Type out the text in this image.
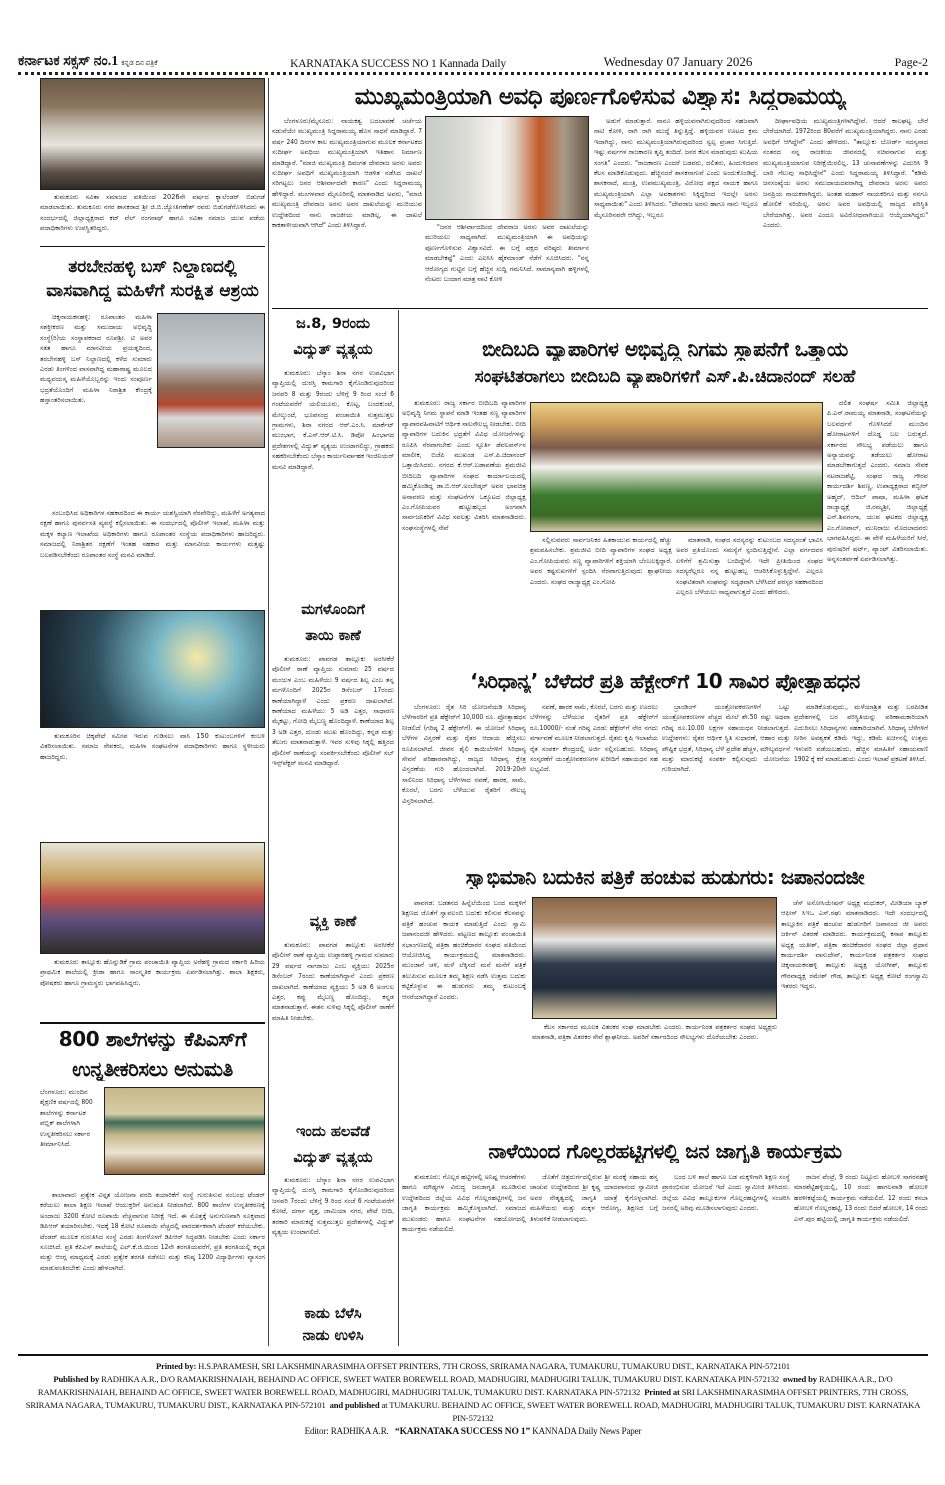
ಕರ್ನಾಟಕ ಸಕ್ಸಸ್ ನಂ.1 ಕನ್ನಡ ದಿನ ಪತ್ರಿಕೆ	KARNATAKA SUCCESS NO 1 Kannada Daily	Wednesday 07 January 2026	Page-2

ತುಮಕೂರು ಸವಿತಾ ಸಮಾಜದ ವತಿಯಿಂದ 2026ನೇ ವರ್ಷದ ಕ್ಯಾಲೆಂಡರ್ ಬಿಡುಗಡೆ ಮಾಡಲಾಯಿತು. ತುಮಕೂರು ನಗರ ಶಾಸಕರಾದ ಶ್ರೀ ಜಿ.ಬಿ.ಜ್ಯೋತಿಗಣೇಶ್ ರವರು ಬಿಡುಗಡೆಗೊಳಿಸಿದರು ಈ ಸಂದರ್ಭದಲ್ಲಿ ಜಿಲ್ಲಾಧ್ಯಕ್ಷರಾದ ಕಟ್ ವೆಲ್ ರಂಗನಾಥ್ ಹಾಗೂ ಸವಿತಾ ಸಮಾಜ ಯುವ ಪಡೆಯ ಪದಾಧಿಕಾರಿಗಳು ಉಪಸ್ಥಿತರಿದ್ದರು.

ತರಬೇನಹಳ್ಳಿ ಬಸ್ ನಿಲ್ದಾಣದಲ್ಲಿ
ವಾಸವಾಗಿದ್ದ ಮಹಿಳೆಗೆ ಸುರಕ್ಷಿತ ಆಶ್ರಯ

ಚಿಕ್ಕನಾಯಕನಹಳ್ಳಿ: ರೂಪಾಂತರ ಮಹಿಳಾ ಸಶಕ್ತೀಕರಣ ಮತ್ತು ಸಮುದಾಯ ಅಭಿವೃದ್ಧಿ ಸಂಸ್ಥೆ(ರಿ)ಯ ಸಂಸ್ಥಾಪಕರಾದ ರೂಪಶ್ರೀ. ಟಿ ಅವರ ಸತತ ಹಾಗೂ ಮಾನವೀಯ ಪ್ರಯತ್ನದಿಂದ, ತರಬೇನಹಳ್ಳಿ ಬಸ್ ನಿಲ್ದಾಣದಲ್ಲಿ ಕಳೆದ ಸುಮಾರು ಎರಡು ತಿಂಗಳಿಂದ ವಾಸವಾಗಿದ್ದ ಮಹಾರಾಷ್ಟ್ರ ಮೂಲದ ಮಧ್ಯವಯಸ್ಕ ಮಹಿಳೆಯೊಬ್ಬರನ್ನು ಇಂದು ಸಂಪೂರ್ಣ ಭದ್ರತೆಯೊಂದಿಗೆ ಮಹಿಳಾ ನಿರಾಶ್ರಿತ ಕೇಂದ್ರಕ್ಕೆ ಹಸ್ತಾಂತರಿಸಲಾಯಿತು.

ಸಂಬಂಧಿಸಿದ ಅಧಿಕಾರಿಗಳ ಸಹಕಾರದಿಂದ ಈ ಕಾರ್ಯ ಯಶಸ್ವಿಯಾಗಿ ನೆರವೇರಿದ್ದು, ಮಹಿಳೆಗೆ ಅಗತ್ಯವಾದ ರಕ್ಷಣೆ ಹಾಗೂ ಪುನರ್ವಸತಿ ವ್ಯವಸ್ಥೆ ಕಲ್ಪಿಸಲಾಯಿತು. ಈ ಸಂದರ್ಭದಲ್ಲಿ ಪೊಲೀಸ್ ಇಲಾಖೆ, ಮಹಿಳಾ ಮತ್ತು ಮಕ್ಕಳ ಕಲ್ಯಾಣ ಇಲಾಖೆಯ ಅಧಿಕಾರಿಗಳು ಹಾಗೂ ರೂಪಾಂತರ ಸಂಸ್ಥೆಯ ಪದಾಧಿಕಾರಿಗಳು ಹಾಜರಿದ್ದರು. ಸಮಾಜದಲ್ಲಿ ನಿರಾಶ್ರಿತರ ರಕ್ಷಣೆಗೆ ಇಂತಹ ಸಹಕಾರ ಮತ್ತು ಮಾನವೀಯ ಕಾರ್ಯಗಳು ಮತ್ತಷ್ಟು ಬಲಪಡಿಸಬೇಕೆಂದು ರೂಪಾಂತರ ಸಂಸ್ಥೆ ಮನವಿ ಮಾಡಿದೆ.

ತುಮಕೂರಿನ ಚಿಕ್ಕಪೇಟೆ ಸಮೀಪ ಇರುವ ಗುಡಿಸಲು ವಾಸಿ 150 ಕುಟುಂಬಗಳಿಗೆ ಕಂಬಳಿ ವಿತರಿಸಲಾಯಿತು. ಸಮಾಜ ಸೇವಕರು, ಮಹಿಳಾ ಸಂಘಟನೆಗಳ ಪದಾಧಿಕಾರಿಗಳು ಹಾಗೂ ಸ್ಥಳೀಯರು ಹಾಜರಿದ್ದರು.

ತುಮಕೂರು ತಾಲ್ಲೂಕು ಹೊನ್ನುಡಿಕೆ ಗ್ರಾಮ ಪಂಚಾಯಿತಿ ವ್ಯಾಪ್ತಿಯ ಅರೆಹಳ್ಳಿ ಗ್ರಾಮದ ಸರ್ಕಾರಿ ಹಿರಿಯ ಪ್ರಾಥಮಿಕ ಶಾಲೆಯಲ್ಲಿ ಕ್ರೀಡಾ ಹಾಗೂ ಸಾಂಸ್ಕೃತಿಕ ಕಾರ್ಯಕ್ರಮ ಏರ್ಪಡಿಸಲಾಗಿತ್ತು. ಶಾಲಾ ಶಿಕ್ಷಕರು, ಪೋಷಕರು ಹಾಗೂ ಗ್ರಾಮಸ್ಥರು ಭಾಗವಹಿಸಿದ್ದರು.

800 ಶಾಲೆಗಳನ್ನು ಕೆಪಿಎಸ್‌ಗೆ
ಉನ್ನತೀಕರಿಸಲು ಅನುಮತಿ

ಬೆಂಗಳೂರು: ಮುಂದಿನ ಶೈಕ್ಷಣಿಕ ವರ್ಷದಲ್ಲಿ 800 ಶಾಲೆಗಳನ್ನು ಕರ್ನಾಟಕ ಪಬ್ಲಿಕ್ ಶಾಲೆಗಳಾಗಿ ಉನ್ನತೀಕರಿಸಲು ಸರ್ಕಾರ ತೀರ್ಮಾನಿಸಿದೆ.

ಶಾಲಾವಾರು ಪ್ರತ್ಯೇಕ ವಿಸ್ತೃತ ಯೋಜನಾ ವರದಿ ತಯಾರಿಕೆಗೆ ಸಂಸ್ಥೆ ಗುರುತಿಸುವ ಸಂಬಂಧ ಟೆಂಡರ್ ಕರೆಯಲು ಶಾಲಾ ಶಿಕ್ಷಣ ಇಲಾಖೆ ಆಯುಕ್ತರಿಗೆ ಅನುಮತಿ ನೀಡಲಾಗಿದೆ. 800 ಶಾಲೆಗಳ ಉನ್ನತೀಕರಣಕ್ಕೆ ಅಂದಾಜು 3200 ಕೋಟಿ ರೂಪಾಯಿ ವೆಚ್ಚವಾಗುವ ನಿರೀಕ್ಷೆ ಇದೆ. ಈ ಮೊತ್ತಕ್ಕೆ ಅನುಗುಣವಾಗಿ ಸೂಕ್ತವಾದ ಡಿಪಿಆರ್ ತಯಾರಿಸಬೇಕು. ಇದಕ್ಕೆ 18 ಕೋಟಿ ರೂಪಾಯಿ ವೆಚ್ಚದಲ್ಲಿ ಪಾರದರ್ಶಕವಾಗಿ ಟೆಂಡರ್ ಕರೆಯಬೇಕು. ಟೆಂಡರ್ ಮೂಲಕ ಗುರುತಿಸಿದ ಸಂಸ್ಥೆ ಎರಡು ತಿಂಗಳೊಳಗೆ ಡಿಪಿಆರ್ ಸಿದ್ಧಪಡಿಸಿ ನೀಡಬೇಕು ಎಂದು ಸರ್ಕಾರ ಸೂಚಿಸಿದೆ. ಪ್ರತಿ ಕೆಪಿಎಸ್ ಶಾಲೆಯಲ್ಲಿ ಎಲ್.ಕೆ.ಜಿ.ಯಿಂದ 12ನೇ ತರಗತಿಯವರೆಗೆ, ಪ್ರತಿ ತರಗತಿಯಲ್ಲಿ ಕನ್ನಡ ಮತ್ತು ಆಂಗ್ಲ ಮಾಧ್ಯಮಕ್ಕೆ ಎರಡು ಪ್ರತ್ಯೇಕ ತರಗತಿ ನಡೆಸಲು ಮತ್ತು ಕನಿಷ್ಠ 1200 ವಿದ್ಯಾರ್ಥಿಗಳು ವ್ಯಾಸಂಗ ಮಾಡುವಂತಿರಬೇಕು ಎಂದು ಹೇಳಲಾಗಿದೆ.

ಮುಖ್ಯಮಂತ್ರಿಯಾಗಿ ಅವಧಿ ಪೂರ್ಣಗೊಳಿಸುವ ವಿಶ್ವಾಸ: ಸಿದ್ದರಾಮಯ್ಯ

ಬೆಂಗಳೂರು/ಮೈಸೂರು: ನಾಯಕತ್ವ ಬದಲಾವಣೆ ಚರ್ಚೆಯ ನಡುವೆಯೇ ಮುಖ್ಯಮಂತ್ರಿ ಸಿದ್ದರಾಮಯ್ಯ ಹೊಸ ಸಾಧನೆ ಮಾಡಿದ್ದಾರೆ. 7 ವರ್ಷ 240 ದಿನಗಳ ಕಾಲ ಮುಖ್ಯಮಂತ್ರಿಯಾಗುವ ಮೂಲಕ ಕರ್ನಾಟಕದ ಸುದೀರ್ಘ ಅವಧಿಯ ಮುಖ್ಯಮಂತ್ರಿಯಾಗಿ ಇತಿಹಾಸ ನಿರ್ಮಾಣ ಮಾಡಿದ್ದಾರೆ. "ಮಾಜಿ ಮುಖ್ಯಮಂತ್ರಿ ದಿವಂಗತ ದೇವರಾಜ ಅರಸು ಅವರು ಸುದೀರ್ಘ ಅವಧಿಗೆ ಮುಖ್ಯಮಂತ್ರಿಯಾಗಿ ಆಡಳಿತ ನಡೆಸಿದ ದಾಖಲೆ ಸರಿಗಟ್ಟಲು ಜನರ ಆಶೀರ್ವಾದವೇ ಕಾರಣ" ಎಂದು ಸಿದ್ದರಾಮಯ್ಯ ಹೇಳಿದ್ದಾರೆ. ಮಂಗಳವಾರ ಮೈಸೂರಿನಲ್ಲಿ ಮಾತನಾಡಿದ ಅವರು, "ಮಾಜಿ ಮುಖ್ಯಮಂತ್ರಿ ದೇವರಾಜ ಅರಸು ಅವರ ದಾಖಲೆಯನ್ನು ಮುರಿಯುವ ಉದ್ದೇಶದಿಂದ ನಾನು ರಾಜಕೀಯ ಮಾಡಿಲ್ಲ. ಈ ದಾಖಲೆ ಕಾಕತಾಳೀಯವಾಗಿ ಆಗಿದೆ" ಎಂದು ತಿಳಿಸಿದ್ದಾರೆ.	"ಜನರ ಆಶೀರ್ವಾದದಿಂದ ದೇವರಾಜ ಅರಸು ಅವರ ದಾಖಲೆಯನ್ನು ಮುರಿಯಲು ಸಾಧ್ಯವಾಗಿದೆ. ಮುಖ್ಯಮಂತ್ರಿಯಾಗಿ ಈ ಅವಧಿಯನ್ನು ಪೂರ್ಣಗೊಳಿಸುವ ವಿಶ್ವಾಸವಿದೆ. ಈ ಬಗ್ಗೆ ಪಕ್ಷದ ವರಿಷ್ಠರು ತೀರ್ಮಾನ ಮಾಡಬೇಕಷ್ಟೆ" ಎಂದು ಎಐಸಿಸಿ ಹೈಕಮಾಂಡ್ ನೆಡೆಗೆ ಸೂಚಿಸಿದರು. "ನನ್ನ ಆರೋಗ್ಯದ ಗುಟ್ಟಿನ ಬಗ್ಗೆ ಹೆಚ್ಚಿನ ಸುದ್ದಿ ಗಮನಿಸಿದೆ. ಸಾಮಾನ್ಯವಾಗಿ ಹಳ್ಳಿಗಳಲ್ಲಿ ನೆಂಟರು ಬಂದಾಗ ಮಾತ್ರ ನಾಟಿ ಕೋಳಿ

ಅಡುಗೆ ಮಾಡುತ್ತಾರೆ. ನಾನೂ ಹಳ್ಳಿಯವನಾಗಿರುವುದರಿಂದ ಸಹಜವಾಗಿ ನಾಟಿ ಕೋಳಿ, ರಾಗಿ ರಾಗಿ ಮುದ್ದೆ ತಿನ್ನುತ್ತಿದ್ದೆ. ಹಳ್ಳಿಯವರ ಊಟದ ಕ್ರಮ ಇದಾಗಿದ್ದು, ನಾನು ಮುಖ್ಯಮಂತ್ರಿಯಾಗಿರುವುದರಿಂದ ಸ್ವಲ್ಪ ಪ್ರಚಾರ ಸಿಗುತ್ತಿದೆ. ಇಷ್ಟು ವರ್ಷಗಳ ರಾಜಕಾರಣ ತೃಪ್ತಿ ತಂದಿದೆ. ಜನರ ಕೆಲಸ ಮಾಡುವುದು ಖುಷಿಯ ಸಂಗತಿ" ಎಂದರು. "ರಾಜಕಾರಣ ಎಂದರೆ ಬಡವರು, ದಲಿತರು, ಹಿಂದುಳಿದವರ ಕೆಲಸ ಮಾಡಿಕೊಡುವುದು. ಹೆಚ್ಚಿನದರೆ ಶಾಸಕನಾಗುವೆ ಎಂದು ಅಂದುಕೊಂಡಿದ್ದೆ. ಶಾಸಕನಾದೆ, ಮಂತ್ರಿ, ಉಪಮುಖ್ಯಮಂತ್ರಿ, ವಿರೋಧ ಪಕ್ಷದ ನಾಯಕ ಹಾಗೂ ಮುಖ್ಯಮಂತ್ರಿಯಾಗಿ ಎಲ್ಲಾ ಅವಕಾಶಗಳು ಸಿಕ್ಕಿದ್ದರಿಂದ ಇದಲ್ಲೇ ಅರಸು ಸಾಧ್ಯವಾಯಿತು" ಎಂದು ತಿಳಿಸಿದರು. "ದೇವರಾಜ ಅರಸು ಹಾಗೂ ನಾನು ಇಬ್ಬರೂ ಮೈಸೂರಿನವರೇ ಆಗಿದ್ದು, ಇಬ್ಬರೂ

ದೀರ್ಘಾವಧಿಯ ಮುಖ್ಯಮಂತ್ರಿಗಳಾಗಿದ್ದೇವೆ. ಆದರೆ ಕಾಲಘಟ್ಟ ಬೇರೆ ಬೇರೆಯಾಗಿದೆ. 1972ರಿಂದ 80ವರೆಗೆ ಮುಖ್ಯಮಂತ್ರಿಯಾಗಿದ್ದರು. ನಾನು ಎರಡು ಅವಧಿಗೆ ಆಗಿದ್ದೇನೆ" ಎಂದು ಹೇಳಿದರು. "ತಾಲ್ಲೂಕು ಬೋರ್ಡ್ ಸದಸ್ಯನಾದ ನಂತರದ ನನ್ನ ರಾಜಕೀಯ ಜೀವನದಲ್ಲಿ ಸಚಿವನಾಗುವ ಮತ್ತು ಮುಖ್ಯಮಂತ್ರಿಯಾಗುವ ನಿರೀಕ್ಷೆಯಿರಲಿಲ್ಲ. 13 ಚುನಾವಣೆಗಳನ್ನು ಎದುರಿಸಿ 9 ಬಾರಿ ಗೆಲುವು ಸಾಧಿಸಿದ್ದೇನೆ" ಎಂದು ಸಿದ್ದರಾಮಯ್ಯ ತಿಳಿಸಿದ್ದಾರೆ. "ಕಡಿಮೆ ಜನಸಂಖ್ಯೆಯ ಅರಸು ಸಮುದಾಯದವರಾಗಿದ್ದ ದೇವರಾಜ ಅರಸು ಅವರು ಜನಪ್ರಿಯ ನಾಯಕರಾಗಿದ್ದರು. ಅಂತಹ ಮಹಾನ್ ನಾಯಕರಿಗೂ ಮತ್ತು ನನಗೂ ಹೋಲಿಕೆ ಸರಿಯಿಲ್ಲ. ಅರಸು ಅವರ ಅವಧಿಯಲ್ಲಿ ರಾಜ್ಯದ ಪರಿಸ್ಥಿತಿ ಬೇರೆಯಾಗಿತ್ತು. ಅವರ ಎಂದೂ ಅವಿರೋಧವಾಗಿಯೂ ಆಯ್ಕೆಯಾಗಿದ್ದರು" ಎಂದರು.

ಜ.8, 9ರಂದು
ವಿದ್ಯುತ್ ವ್ಯತ್ಯಯ

ತುಮಕೂರು: ಬೆಸ್ಕಾಂ ಶಿರಾ ನಗರ ಉಪವಿಭಾಗ ವ್ಯಾಪ್ತಿಯಲ್ಲಿ ದುರಸ್ತಿ ಕಾಮಗಾರಿ ಕೈಗೊಂಡಿರುವುದರಿಂದ ಜನವರಿ 8 ಮತ್ತು 9ರಂದು ಬೆಳಿಗ್ಗೆ 9 ರಿಂದ ಸಂಜೆ 6 ಗಂಟೆಯವರೆಗೆ ಯಲಿಯೂರು, ಕೊಟ್ಟ, ಬಂದಕುಂಟೆ, ಮೇಲ್ಕುಂಟೆ, ಭೂಪಸಂದ್ರ ಪಂಚಾಯಿತಿ ಸುತ್ತಮುತ್ತಲ ಗ್ರಾಮಗಳು, ಶಿರಾ ನಗರದ ಆರ್.ಎಂ.ಸಿ. ಮಾರ್ಕೆಟ್ ಮುಂಭಾಗ, ಕೆ.ಎಸ್.ಆರ್.ಟಿ.ಸಿ. ಡಿಪೋ ಹಿಂಭಾಗದ ಪ್ರದೇಶಗಳಲ್ಲಿ ವಿದ್ಯುತ್ ವ್ಯತ್ಯಯ ಉಂಟಾಗಲಿದ್ದು, ಗ್ರಾಹಕರು ಸಹಕರಿಸಬೇಕೆಂದು ಬೆಸ್ಕಾಂ ಕಾರ್ಯನಿರ್ವಾಹಕ ಇಂಜಿನಿಯರ್ ಮನವಿ ಮಾಡಿದ್ದಾರೆ.

ಮಗಳೊಂದಿಗೆ
ತಾಯಿ ಕಾಣೆ

ತುಮಕೂರು: ಪಾವಗಡ ತಾಲ್ಲೂಕು ಅರಸೀಕೆರೆ ಪೊಲೀಸ್ ಠಾಣೆ ವ್ಯಾಪ್ತಿಯ ಸುಮಾರು 25 ವರ್ಷದ ಮಂಜುಳ ಎಂಬ ಮಹಿಳೆಯು 9 ವರ್ಷದ ಶಿಲ್ಪ ಎಂಬ ತನ್ನ ಮಗಳೊಂದಿಗೆ 2025ರ ಡಿಸೆಂಬರ್ 17ರಂದು ಕಾಣೆಯಾಗಿದ್ದಾಳೆ ಎಂದು ಪ್ರಕರಣ ದಾಖಲಾಗಿದೆ. ಕಾಣೆಯಾದ ಮಹಿಳೆಯು 5 ಅಡಿ ಎತ್ತರ, ಸಾಧಾರಣ ಮೈಕಟ್ಟು, ಗೋಧಿ ಮೈಬಣ್ಣ ಹೊಂದಿದ್ದಾಳೆ. ಕಾಣೆಯಾದ ಶಿಲ್ಪ 3 ಅಡಿ ಎತ್ತರ, ದುಂಡು ಮುಖ ಹೊಂದಿದ್ದು, ಕನ್ನಡ ಮತ್ತು ತೆಲುಗು ಮಾತನಾಡುತ್ತಾಳೆ. ಇವರ ಸುಳಿವು ಸಿಕ್ಕಲ್ಲಿ ಹತ್ತಿರದ ಪೊಲೀಸ್ ಠಾಣೆಯನ್ನು ಸಂಪರ್ಕಿಸಬೇಕೆಂದು ಪೊಲೀಸ್ ಸಬ್ ಇನ್ಸ್‌ಪೆಕ್ಟರ್ ಮನವಿ ಮಾಡಿದ್ದಾರೆ.

ವ್ಯಕ್ತಿ ಕಾಣೆ

ತುಮಕೂರು: ಪಾವಗಡ ತಾಲ್ಲೂಕು ಅರಸೀಕೆರೆ ಪೊಲೀಸ್ ಠಾಣೆ ವ್ಯಾಪ್ತಿಯ ಉಪ್ಪಾರಹಳ್ಳಿ ಗ್ರಾಮದ ಸುಮಾರು 29 ವರ್ಷದ ನಾಗರಾಜು ಎಂಬ ವ್ಯಕ್ತಿಯು 2025ರ ಡಿಸೆಂಬರ್ 7ರಂದು ಕಾಣೆಯಾಗಿದ್ದಾನೆ ಎಂದು ಪ್ರಕರಣ ದಾಖಲಾಗಿದೆ. ಕಾಣೆಯಾದ ವ್ಯಕ್ತಿಯು 5 ಅಡಿ 6 ಅಂಗುಲ ಎತ್ತರ, ಕಪ್ಪು ಮೈಬಣ್ಣ ಹೊಂದಿದ್ದು, ಕನ್ನಡ ಮಾತನಾಡುತ್ತಾನೆ. ಈತನ ಸುಳಿವು ಸಿಕ್ಕಲ್ಲಿ ಪೊಲೀಸ್ ಠಾಣೆಗೆ ಮಾಹಿತಿ ನೀಡಬೇಕು.

ಇಂದು ಹಲವೆಡೆ
ವಿದ್ಯುತ್ ವ್ಯತ್ಯಯ

ತುಮಕೂರು: ಬೆಸ್ಕಾಂ ಶಿರಾ ನಗರ ಉಪವಿಭಾಗ ವ್ಯಾಪ್ತಿಯಲ್ಲಿ ದುರಸ್ತಿ ಕಾಮಗಾರಿ ಕೈಗೊಂಡಿರುವುದರಿಂದ ಜನವರಿ 7ರಂದು ಬೆಳಿಗ್ಗೆ 9 ರಿಂದ ಸಂಜೆ 6 ಗಂಟೆಯವರೆಗೆ ಕೋಟೆ, ದರ್ಗಾ ವೃತ್ತ, ಜಾಮಿಯಾ ನಗರ, ಪೇಟೆ ಬೀದಿ, ತರಕಾರಿ ಮಾರುಕಟ್ಟೆ ಸುತ್ತಮುತ್ತಲ ಪ್ರದೇಶಗಳಲ್ಲಿ ವಿದ್ಯುತ್ ವ್ಯತ್ಯಯ ಉಂಟಾಗಲಿದೆ.

ಕಾಡು ಬೆಳೆಸಿ
ನಾಡು ಉಳಿಸಿ
ಬೀದಿಬದಿ ವ್ಯಾಪಾರಿಗಳ ಅಭಿವೃದ್ಧಿ ನಿಗಮ ಸ್ಥಾಪನೆಗೆ ಒತ್ತಾಯ
ಸಂಘಟಿತರಾಗಲು ಬೀದಿಬದಿ ವ್ಯಾಪಾರಿಗಳಿಗೆ ಎಸ್.ಪಿ.ಚಿದಾನಂದ್ ಸಲಹೆ

ತುಮಕೂರು: ರಾಜ್ಯ ಸರ್ಕಾರ ಬೀದಿಬದಿ ವ್ಯಾಪಾರಿಗಳ ಅಭಿವೃದ್ಧಿ ನಿಗಮ ಸ್ಥಾಪನೆ ಮಾಡಿ ಇಂತಹ ಸಣ್ಣ ವ್ಯಾಪಾರಿಗಳ ವ್ಯಾಪಾರವಹಿವಾಟಿಗೆ ಆರ್ಥಿಕ ಸಾಲಸೌಲಭ್ಯ ನೀಡಬೇಕು. ಬೀದಿ ವ್ಯಾಪಾರಿಗಳ ಬದುಕಿನ ಭದ್ರತೆಗೆ ವಿವಿಧ ಯೋಜನೆಗಳನ್ನು ರೂಪಿಸಿ ನೆರವಾಗಬೇಕು ಎಂದು ಸ್ಫೂರ್ತಿ ಡೆವಲಪರ್ಸ್‌ನ ಮಾಲೀಕ, ಬಿಜೆಪಿ ಮುಖಂಡ ಎಸ್.ಪಿ.ಚಿದಾನಂದ್ ಒತ್ತಾಯಿಸಿದರು. ನಗರದ ಕೆ.ಆರ್.ಬಡಾವಣೆಯ ಶ್ರಮಜೀವಿ ಬೀದಿಬದಿ ವ್ಯಾಪಾರಿಗಳ ಸಂಘದ ಕಾರ್ಯಾಲಯದಲ್ಲಿ ಹಮ್ಮಿಕೊಂಡಿದ್ದ ಡಾ.ಬಿ.ಆರ್.ಅಂಬೇಡ್ಕರ್ ಅವರ ಭಾವಚಿತ್ರ ಅನಾವರಣ ಮತ್ತು ಸಂಘಟನೆಗಳ ಒಕ್ಕೂಟದ ಜಿಲ್ಲಾಧ್ಯಕ್ಷ ಎಂ.ಗೋಪಿಯವರ ಹುಟ್ಟುಹಬ್ಬದ ಅಂಗವಾಗಿ ಸಾರ್ವಜನಿಕರಿಗೆ ವಿವಿಧ ಸವಲತ್ತು ವಿತರಿಸಿ ಮಾತನಾಡಿದರು. ಸಂಘಸಂಸ್ಥೆಗಳಲ್ಲಿ ಸೇವೆ

ಸಲ್ಲಿಸುವವರು ಸಾರ್ವಜನಿಕರ ಹಿತಕಾಯುವ ಕಾರ್ಯದಲ್ಲಿ ಹೆಚ್ಚು ಶ್ರಮವಹಿಸಬೇಕು. ಶ್ರಮಜೀವಿ ಬೀದಿ ವ್ಯಾಪಾರಿಗಳ ಸಂಘದ ಅಧ್ಯಕ್ಷ ಎಂ.ಗೋಪಿಯವರು ಸಣ್ಣ ವ್ಯಾಪಾರಿಗಳಿಗೆ ಶಕ್ತಿಯಾಗಿ ಬೆಂಬಲಕ್ಕಿದ್ದಾರೆ. ಅವರ ಕಷ್ಟಸುಖಗಳಿಗೆ ಸ್ಪಂದಿಸಿ ನೆರವಾಗುತ್ತಿರುವುದು ಶ್ಲಾಘನೀಯ ಎಂದರು. ಸಂಘದ ರಾಜ್ಯಾಧ್ಯಕ್ಷ ಎಂ.ಗೋಪಿ

ಮಾತನಾಡಿ, ಸಂಘದ ಸದಸ್ಯರನ್ನು ಕುಟುಂಬದ ಸದಸ್ಯರಂತೆ ಭಾವಿಸಿ ಅವರ ಪ್ರತಿಯೊಂದು ಸಮಸ್ಯೆಗೆ ಸ್ಪಂದಿಸುತ್ತಿದ್ದೇನೆ. ಎಲ್ಲಾ ವರ್ಗದವರ ಏಳಿಗೆಗೆ ಶ್ರಮಿಸುತ್ತಾ ಬಂದಿದ್ದೇನೆ. ಇದೇ ಪ್ರೀತಿಯಿಂದ ಸಂಘದ ಸದಸ್ಯರೆಲ್ಲರೂ ನನ್ನ ಹುಟ್ಟುಹಬ್ಬ ಆಚರಿಸಿಕೊಳ್ಳುತ್ತಿದ್ದೇನೆ. ಎಲ್ಲರೂ ಸಂಘಟಿತರಾಗಿ ಸಂಘವನ್ನು ಸದೃಢವಾಗಿ ಬೆಳೆಸಿದರೆ ಪರಸ್ಪರ ಸಹಕಾರದಿಂದ ಎಲ್ಲರೂ ಬೆಳೆಯಲು ಸಾಧ್ಯವಾಗುತ್ತದೆ ಎಂದು ಹೇಳಿದರು.

ದಲಿತ ಸಂಘರ್ಷ ಸಮಿತಿ ಜಿಲ್ಲಾಧ್ಯಕ್ಷ ಪಿ.ಎನ್.ರಾಮಯ್ಯ ಮಾತನಾಡಿ, ಸಂಘಟನೆಯನ್ನು ಬಲವರ್ಧನೆ ಗೊಳಿಸಿದರೆ ಮುಂದಿನ ಹೋರಾಟಗಳಿಗೆ ದೊಡ್ಡ ಬಲ ಬರುತ್ತದೆ. ಸರ್ಕಾರದ ಸೌಲಭ್ಯ ಪಡೆಯಲು ಹಾಗೂ ಅನ್ಯಾಯವನ್ನು ತಡೆಯಲು ಹೋರಾಟ ಮಾಡಬೇಕಾಗುತ್ತದೆ ಎಂದರು. ಸಮಾಜ ಸೇವಕ ನಟರಾಜಶೆಟ್ಟಿ, ಸಂಘದ ರಾಜ್ಯ ಗೌರವ ಕಾರ್ಯದರ್ಶಿ ಶಿವಣ್ಣ, ಉಪಾಧ್ಯಕ್ಷರಾದ ಶಬ್ಬೀರ್ ಅಹ್ಮದ್, ಆದಿಲ್ ಪಾಷಾ, ಮಹಿಳಾ ಘಟಕ ರಾಜ್ಯಾಧ್ಯಕ್ಷೆ ಜಿ.ರಮ್ಯಶ್ರೀ, ಜಿಲ್ಲಾಧ್ಯಕ್ಷೆ ಎನ್.ಶಿವಗಂಗಾ, ಯುವ ಘಟಕದ ಜಿಲ್ಲಾಧ್ಯಕ್ಷ ಎಂ.ಗೋಪಾಲ್, ಮುನಿರಾಜು ಮೊದಲಾದವರು ಭಾಗವಹಿಸಿದ್ದರು. ಈ ವೇಳೆ ಮಹಿಳೆಯರಿಗೆ ಸೀರೆ, ಪುರುಷರಿಗೆ ಷರ್ಟ್, ಪ್ಯಾಂಟ್ ವಿತರಿಸಲಾಯಿತು. ಅನ್ನಸಂತರ್ಪಣೆ ಏರ್ಪಡಿಸಲಾಗಿತ್ತು.

‘ಸಿರಿಧಾನ್ಯ’ ಬೆಳೆದರೆ ಪ್ರತಿ ಹೆಕ್ಟೇರ್‌ಗೆ 10 ಸಾವಿರ ಪ್ರೋತ್ಸಾಹಧನ

ಬೆಂಗಳೂರು: ರೈತ ಸಿರಿ ಯೋಜನೆಯಡಿ ಸಿರಿಧಾನ್ಯ ಬೆಳೆಗಾರರಿಗೆ ಪ್ರತಿ ಹೆಕ್ಟೇರ್‌ಗೆ 10,000 ರೂ. ಪ್ರೋತ್ಸಾಹಧನ ನೀಡಲಿದೆ (ಗರಿಷ್ಠ 2 ಹೆಕ್ಟೇರ್‌ಗೆ). ಈ ಯೋಜನೆ ಸಿರಿಧಾನ್ಯ ಬೆಳೆಗಳ ವಿಸ್ತರಣೆ ಮತ್ತು ರೈತರ ಆದಾಯ ಹೆಚ್ಚಿಸಲು ರೂಪಿಸಲಾಗಿದೆ. ಜೀವನ ಶೈಲಿ ಕಾಯಿಲೆಗಳಿಗೆ ಸಿರಿಧಾನ್ಯ ಸೇವನೆ ಪರಿಹಾರವಾಗಿದ್ದು, ರಾಜ್ಯದ ಸಿರಿಧಾನ್ಯ ಕ್ಷೇತ್ರ ವಿಸ್ತರಣೆಯ ಗುರಿ ಹೊಂದಲಾಗಿದೆ. 2019-20ನೇ ಸಾಲಿನಿಂದ ಸಿರಿಧಾನ್ಯ ಬೆಳೆಗಳಾದ ನವಣೆ, ಹಾರಕ, ಸಾಮೆ, ಕೊರಲೆ, ಬರಗು ಬೆಳೆಯುವ ರೈತರಿಗೆ ಸೌಲಭ್ಯ ವಿಸ್ತರಿಸಲಾಗಿದೆ.

ನವಣೆ, ಹಾರಕ ಸಾಮೆ, ಕೊರಲೆ, ಬರಗು ಮತ್ತು ಊದಲು ಬೆಳೆಗಳನ್ನು ಬೆಳೆಯುವ ರೈತರಿಗೆ ಪ್ರತಿ ಹೆಕ್ಟೇರ್‌ಗೆ ರೂ.10000/- ನಂತೆ ಗರಿಷ್ಠ ಎರಡು ಹೆಕ್ಟೇರ್‌ಗೆ ನೇರ ನಗದು ವರ್ಗಾವಣೆ ಮೂಲಕ ನೀಡಲಾಗುತ್ತದೆ. ರೈತರು ಕೃಷಿ ಇಲಾಖೆಯ ರೈತ ಸಂಪರ್ಕ ಕೇಂದ್ರದಲ್ಲಿ ಅರ್ಜಿ ಸಲ್ಲಿಸಬಹುದು. ಸಿರಿಧಾನ್ಯ ಸಂಸ್ಕರಣೆಗೆ ಯಂತ್ರೋಪಕರಣಗಳ ಖರೀದಿಗೆ ಸಹಾಯಧನ ಸಹ ಲಭ್ಯವಿದೆ.

ಬ್ರಾಂಡಿಂಗ್ ಯಂತ್ರೋಪಕರಣಗಳಿಗೆ ಒಟ್ಟು ಯಂತ್ರೋಪಕರಣಗಳ ವೆಚ್ಚದ ಮೇಲೆ ಶೇ.50 ರಷ್ಟು ಅಥವಾ ಗರಿಷ್ಠ ರೂ.10.00 ಲಕ್ಷಗಳ ಸಹಾಯಧನ ನೀಡಲಾಗುತ್ತದೆ. ಉದ್ದೇಶಗಳು: ರೈತರ ಆರ್ಥಿಕ ಸ್ಥಿತಿ ಸುಧಾರಣೆ, ಆಹಾರ ಮತ್ತು ಪೌಷ್ಟಿಕ ಭದ್ರತೆ, ಸಿರಿಧಾನ್ಯ ಬೆಳೆ ಪ್ರದೇಶ ಹೆಚ್ಚಳ, ಮೌಲ್ಯವರ್ಧನೆ ಮತ್ತು ಮಾರುಕಟ್ಟೆ ಸಂಪರ್ಕ ಕಲ್ಪಿಸುವುದು ಯೋಜನೆಯ ಗುರಿಯಾಗಿದೆ.

ಮಾಡಿಕೊಡುವುದು., ಮಳೆಯಾಶ್ರಿತ ಮತ್ತು ಬರಪೀಡಿತ ಪ್ರದೇಶಗಳಲ್ಲಿ ಬರ ಪರಿಸ್ಥಿತಿಯನ್ನು ಪರಿಣಾಮಕಾರಿಯಾಗಿ ಎದುರಿಸಲು ಸಿರಿಧಾನ್ಯಗಳು ಸಹಕಾರಿಯಾಗಿವೆ. ಸಿರಿಧಾನ್ಯ ಬೆಳೆಗಳಿಗೆ ನೀರಿನ ಅವಶ್ಯಕತೆ ಕಡಿಮೆ ಇದ್ದು, ಕಡಿಮೆ ಖರ್ಚಿನಲ್ಲಿ ಉತ್ತಮ ಇಳುವರಿ ಪಡೆಯಬಹುದು. ಹೆಚ್ಚಿನ ಮಾಹಿತಿಗೆ ಸಹಾಯವಾಣಿ 1902 ಕ್ಕೆ ಕರೆ ಮಾಡಬಹುದು ಎಂದು ಇಲಾಖೆ ಪ್ರಕಟಣೆ ತಿಳಿಸಿದೆ.

ಸ್ವಾಭಿಮಾನಿ ಬದುಕಿನ ಪತ್ರಿಕೆ ಹಂಚುವ ಹುಡುಗರು: ಜಪಾನಂದಜೀ

ಪಾವಗಡ: ಬಡತನದ ಹಿನ್ನೆಲೆಯಿಂದ ಬಂದ ಮಕ್ಕಳಿಗೆ ಶಿಕ್ಷಣದ ಜೊತೆಗೆ ಸ್ವಾವಲಂಬಿ ಬದುಕು ಕಲಿಸುವ ಕೆಲಸವನ್ನು ಪತ್ರಿಕೆ ಹಂಚುವ ಕಾಯಕ ಮಾಡುತ್ತಿದೆ ಎಂದು ಸ್ವಾಮಿ ಜಪಾನಂದಜೀ ಹೇಳಿದರು. ಪಟ್ಟಣದ ತಾಲ್ಲೂಕು ಪಂಚಾಯಿತಿ ಸಭಾಂಗಣದಲ್ಲಿ ಪತ್ರಿಕಾ ಹಂಚಿಕೆದಾರರ ಸಂಘದ ವತಿಯಿಂದ ಆಯೋಜಿಸಿದ್ದ ಕಾರ್ಯಕ್ರಮದಲ್ಲಿ ಮಾತನಾಡಿದರು. ಮುಂಜಾನೆ ಚಳಿ, ಮಳೆ ಲೆಕ್ಕಿಸದೆ ಮನೆ ಮನೆಗೆ ಪತ್ರಿಕೆ ತಲುಪಿಸುವ ಮೂಲಕ ತಮ್ಮ ಶಿಕ್ಷಣ ನಡೆಸಿ ಉತ್ತಮ ಬದುಕು ಕಟ್ಟಿಕೊಳ್ಳುವ ಈ ಹುಡುಗರು ತಮ್ಮ ಕುಟುಂಬಕ್ಕೆ ಆಸರೆಯಾಗಿದ್ದಾರೆ ಎಂದರು.

ಕೆಲಸ ಸರ್ಕಾರದ ಮೂಲಕ ವಿತರಕರ ಸಂಘ ಮಾಡಬೇಕು ಎಂದರು. ಕಾರ್ಯನಿರತ ಪತ್ರಕರ್ತರ ಸಂಘದ ಅಧ್ಯಕ್ಷರು ಮಾತನಾಡಿ, ಪತ್ರಿಕಾ ವಿತರಕರ ಸೇವೆ ಶ್ಲಾಘನೀಯ. ಅವರಿಗೆ ಸರ್ಕಾರದಿಂದ ಸೌಲಭ್ಯಗಳು ದೊರೆಯಬೇಕು ಎಂದರು.

ಚೆಸ್ ಅಸೋಸಿಯೇಷನ್ ಅಧ್ಯಕ್ಷ ಮಧುಕರ್, ಮೀಡಿಯಾ ಬ್ಯಾಕ್ ಆಫೀಸ್ ಸಿಇಒ ಎಸ್.ರಘು ಮಾತನಾಡಿದರು. ಇದೇ ಸಂದರ್ಭದಲ್ಲಿ ತಾಲ್ಲೂಕಿನ ಪತ್ರಿಕೆ ಹಂಚುವ ಹುಡುಗರಿಗೆ ಜಪಾನಂದ ಜೀ ಅವರು ಜರ್ಕಿನ್ ವಿತರಣೆ ಮಾಡಿದರು. ಕಾರ್ಯಕ್ರಮದಲ್ಲಿ ಕಸಾಪ ತಾಲ್ಲೂಕು ಅಧ್ಯಕ್ಷ ಯತೀಶ್, ಪತ್ರಿಕಾ ಹಂಚಿಕೆದಾರರ ಸಂಘದ ಜಿಲ್ಲಾ ಪ್ರಧಾನ ಕಾರ್ಯದರ್ಶಿ ವಾಸುದೇವ್, ಕಾರ್ಯನಿರತ ಪತ್ರಕರ್ತರ ಸಂಘದ ಚಿಕ್ಕನಾಯಕನಹಳ್ಳಿ ತಾಲ್ಲೂಕು ಅಧ್ಯಕ್ಷ ಯೋಗೀಶ್, ತಾಲ್ಲೂಕು ಗೌರವಾಧ್ಯಕ್ಷ ರಮೇಶ್ ಗೌಡ, ತಾಲ್ಲೂಕು ಅಧ್ಯಕ್ಷ ಕೋಟೆ ರಂಗಸ್ವಾಮಿ ಇತರರು ಇದ್ದರು.

ನಾಳೆಯಿಂದ ಗೊಲ್ಲರಹಟ್ಟಿಗಳಲ್ಲಿ ಜನ ಜಾಗೃತಿ ಕಾರ್ಯಕ್ರಮ

ತುಮಕೂರು: ಗೊಲ್ಲರ ಹಟ್ಟಿಗಳಲ್ಲಿ ಅನಿಷ್ಟ ಆಚರಣೆಗಳು ಹಾಗೂ ಮೌಢ್ಯಗಳ ವಿರುದ್ಧ ಜನಜಾಗೃತಿ ಮೂಡಿಸುವ ಉದ್ದೇಶದಿಂದ ಜಿಲ್ಲೆಯ ವಿವಿಧ ಗೊಲ್ಲರಹಟ್ಟಿಗಳಲ್ಲಿ ಜನ ಜಾಗೃತಿ ಕಾರ್ಯಕ್ರಮ ಹಮ್ಮಿಕೊಳ್ಳಲಾಗಿದೆ. ಸಮಾಜದ ಮುಖಂಡರು ಹಾಗೂ ಸಂಘಟನೆಗಳ ಸಹಯೋಗದಲ್ಲಿ ಕಾರ್ಯಕ್ರಮ ನಡೆಯಲಿದೆ.

ಜೊತೆಗೆ ಚಿತ್ರದುರ್ಗದಲ್ಲಿರುವ ಶ್ರೀ ಮಠಕ್ಕೆ ಸಹಾಯ ಹಸ್ತ ಚಾಚುವ ಉದ್ದೇಶದಿಂದ ಶ್ರೀ ಕೃಷ್ಣ ಯಾದವಾನಂದ ಸ್ವಾಮೀಜಿ ಅವರ ನೇತೃತ್ವದಲ್ಲಿ ಜಾಗೃತಿ ಯಾತ್ರೆ ಕೈಗೊಳ್ಳಲಾಗಿದೆ. ಮಹಿಳೆಯರು ಮತ್ತು ಮಕ್ಕಳ ಆರೋಗ್ಯ, ಶಿಕ್ಷಣದ ಬಗ್ಗೆ ತಿಳುವಳಿಕೆ ನೀಡಲಾಗುವುದು.

ಬಂದ ಬಳಿ ಶಾಲೆ ಹಾಗೂ ಬಡ ಮಕ್ಕಳಿಗಾಗಿ ಶಿಕ್ಷಣ ಸಂಸ್ಥೆ ಪ್ರಾರಂಭಿಸುವ ಯೋಜನೆ ಇದೆ ಎಂದು ಸ್ವಾಮೀಜಿ ತಿಳಿಸಿದರು. ಜಿಲ್ಲೆಯ ವಿವಿಧ ತಾಲ್ಲೂಕುಗಳ ಗೊಲ್ಲರಹಟ್ಟಿಗಳಲ್ಲಿ ಸಂಚರಿಸಿ ಜನರಲ್ಲಿ ಅರಿವು ಮೂಡಿಸಲಾಗುವುದು ಎಂದರು.

ರಾಜನ ಪೆಂಟ್ರೆ, 9 ರಂದು ನಿಟ್ಟೂರು ಹೋಬಳಿ ಸಾಗರನಹಳ್ಳಿ ಮಾರಶೆಟ್ಟಿಹಳ್ಳಿಯಲ್ಲಿ, 10 ರಂದು ಹಾಗಲವಾಡಿ ಹೋಬಳಿ ಹರಳೀಕಟ್ಟೆಯಲ್ಲಿ ಕಾರ್ಯಕ್ರಮ ನಡೆಯಲಿದೆ. 12 ರಂದು ಕಸಬಾ ಹೋಬಳಿ ಗೊಲ್ಲರಹಟ್ಟಿ, 13 ರಂದು ಬಿದರೆ ಹೋಬಳಿ, 14 ರಂದು ಎನ್.ಪುರ ಹಟ್ಟಿಯಲ್ಲಿ ಜಾಗೃತಿ ಕಾರ್ಯಕ್ರಮ ನಡೆಯಲಿದೆ.

Printed by: H.S.PARAMESH, SRI LAKSHMINARASIMHA OFFSET PRINTERS, 7TH CROSS, SRIRAMA NAGARA, TUMAKURU, TUMAKURU DIST., KARNATAKA PIN-572101
Published by RADHIKA A.R., D/O RAMAKRISHNAIAH, BEHAIND AC OFFICE, SWEET WATER BOREWELL ROAD, MADHUGIRI, MADHUGIRI TALUK, TUMAKURU DIST. KARNATAKA PIN-572132 owned by RADHIKA A.R., D/O RAMAKRISHNAIAH, BEHAIND AC OFFICE, SWEET WATER BOREWELL ROAD, MADHUGIRI, MADHUGIRI TALUK, TUMAKURU DIST. KARNATAKA PIN-572132 Printed at SRI LAKSHMINARASIMHA OFFSET PRINTERS, 7TH CROSS, SRIRAMA NAGARA, TUMAKURU, TUMAKURU DIST., KARNATAKA PIN-572101 and published at TUMAKURU. BEHAIND AC OFFICE, SWEET WATER BOREWELL ROAD, MADHUGIRI, MADHUGIRI TALUK, TUMAKURU DIST. KARNATAKA PIN-572132
Editor: RADHIKA A.R. “KARNATAKA SUCCESS NO 1” KANNADA Daily News Paper
